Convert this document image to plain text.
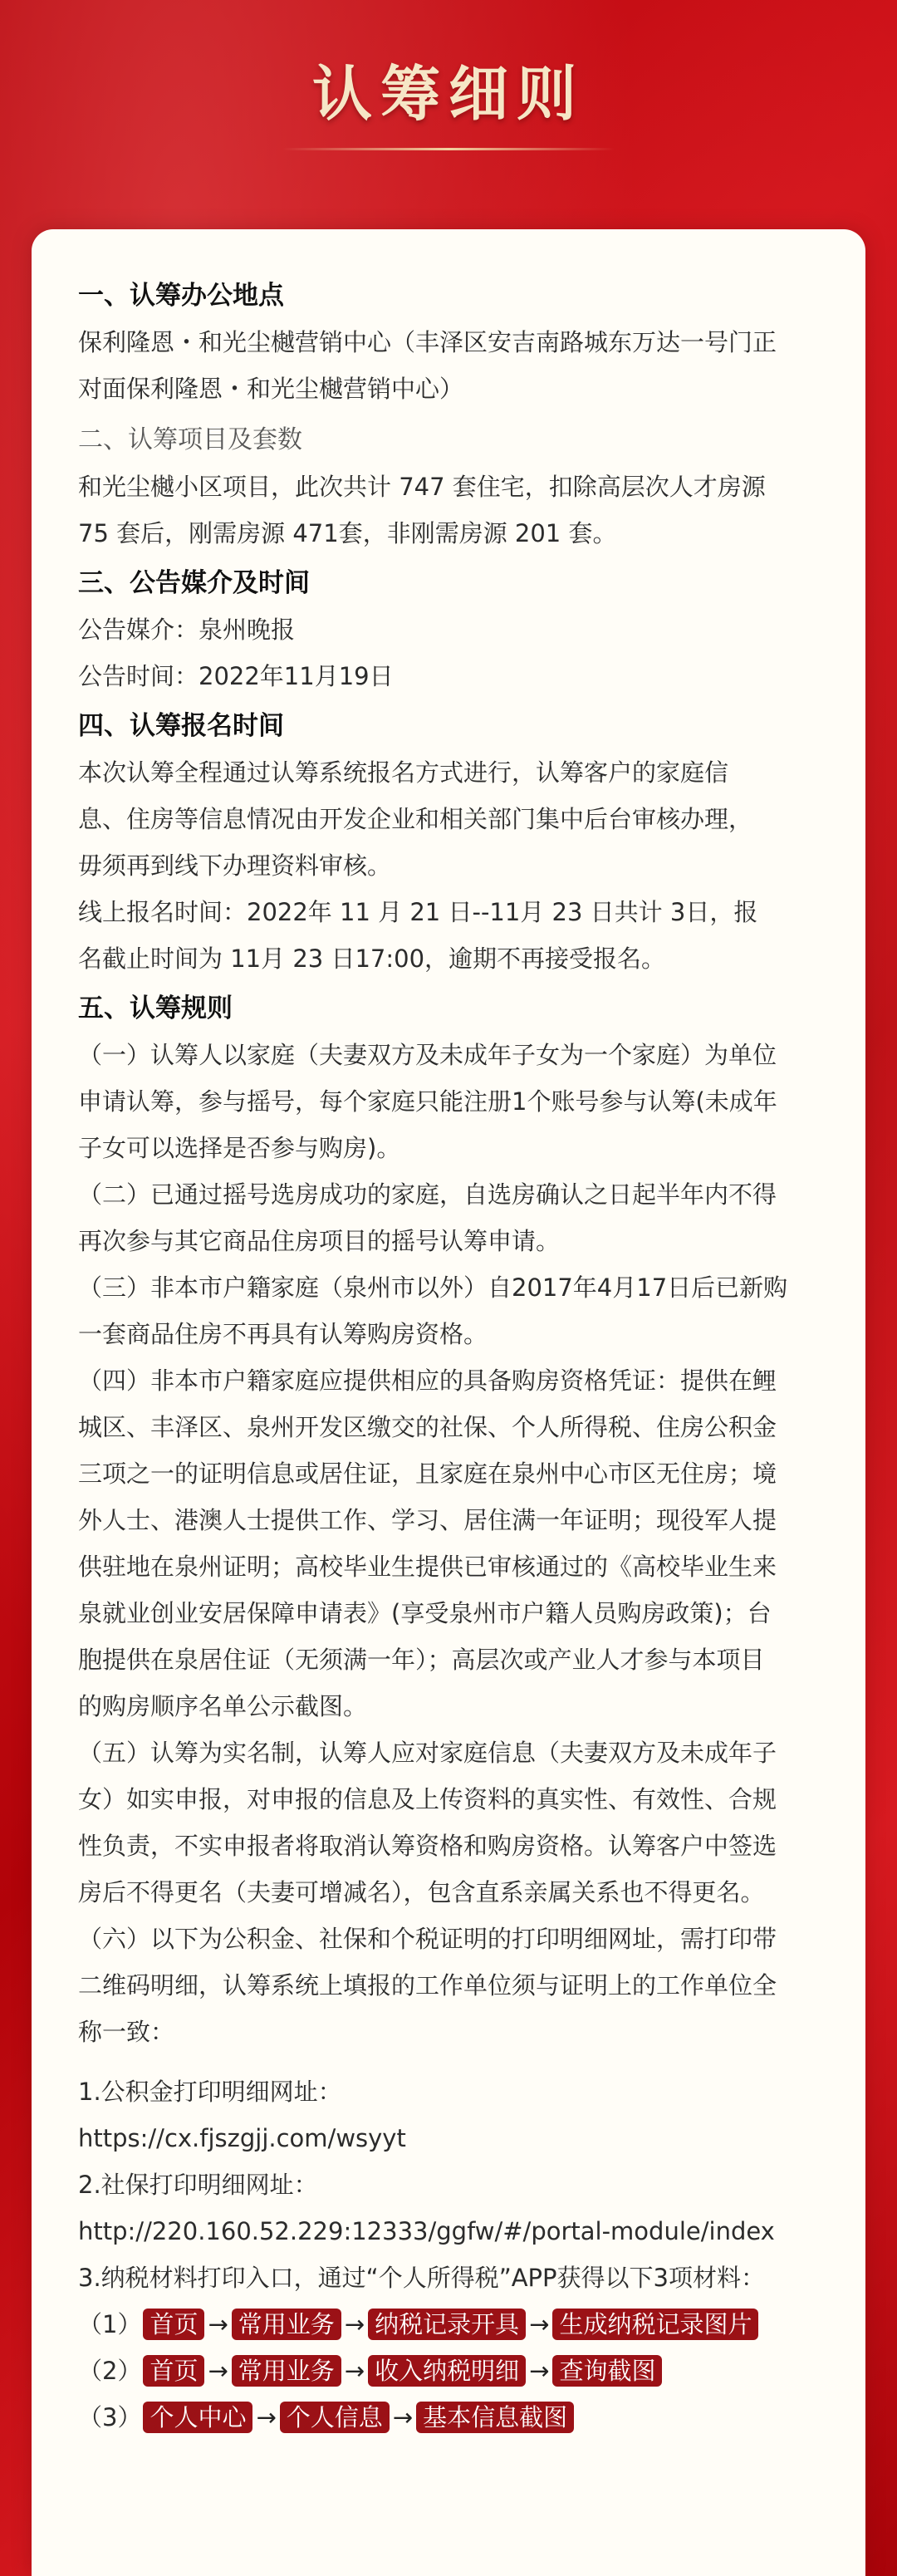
认筹细则
一、认筹办公地点
保利隆恩・和光尘樾营销中心（丰泽区安吉南路城东万达一号门正
对面保利隆恩・和光尘樾营销中心）
二、认筹项目及套数
和光尘樾小区项目，此次共计 747 套住宅，扣除高层次人才房源
75 套后，刚需房源 471套，非刚需房源 201 套。
三、公告媒介及时间
公告媒介：泉州晚报
公告时间：2022年11月19日
四、认筹报名时间
本次认筹全程通过认筹系统报名方式进行，认筹客户的家庭信
息、住房等信息情况由开发企业和相关部门集中后台审核办理，
毋须再到线下办理资料审核。
线上报名时间：2022年 11 月 21 日--11月 23 日共计 3日，报
名截止时间为 11月 23 日17:00，逾期不再接受报名。
五、认筹规则
（一）认筹人以家庭（夫妻双方及未成年子女为一个家庭）为单位
申请认筹，参与摇号，每个家庭只能注册1个账号参与认筹(未成年
子女可以选择是否参与购房)。
（二）已通过摇号选房成功的家庭，自选房确认之日起半年内不得
再次参与其它商品住房项目的摇号认筹申请。
（三）非本市户籍家庭（泉州市以外）自2017年4月17日后已新购
一套商品住房不再具有认筹购房资格。
（四）非本市户籍家庭应提供相应的具备购房资格凭证：提供在鲤
城区、丰泽区、泉州开发区缴交的社保、个人所得税、住房公积金
三项之一的证明信息或居住证，且家庭在泉州中心市区无住房；境
外人士、港澳人士提供工作、学习、居住满一年证明；现役军人提
供驻地在泉州证明；高校毕业生提供已审核通过的《高校毕业生来
泉就业创业安居保障申请表》(享受泉州市户籍人员购房政策)；台
胞提供在泉居住证（无须满一年）；高层次或产业人才参与本项目
的购房顺序名单公示截图。
（五）认筹为实名制，认筹人应对家庭信息（夫妻双方及未成年子
女）如实申报，对申报的信息及上传资料的真实性、有效性、合规
性负责，不实申报者将取消认筹资格和购房资格。认筹客户中签选
房后不得更名（夫妻可增减名），包含直系亲属关系也不得更名。
（六）以下为公积金、社保和个税证明的打印明细网址，需打印带
二维码明细，认筹系统上填报的工作单位须与证明上的工作单位全
称一致：
1.公积金打印明细网址：
https://cx.fjszgjj.com/wsyyt
2.社保打印明细网址：
http://220.160.52.229:12333/ggfw/#/portal-module/index
3.纳税材料打印入口，通过“个人所得税”APP获得以下3项材料：
（1） 首页 → 常用业务 → 纳税记录开具 → 生成纳税记录图片
（2） 首页 → 常用业务 → 收入纳税明细 → 查询截图
（3） 个人中心 → 个人信息 → 基本信息截图
